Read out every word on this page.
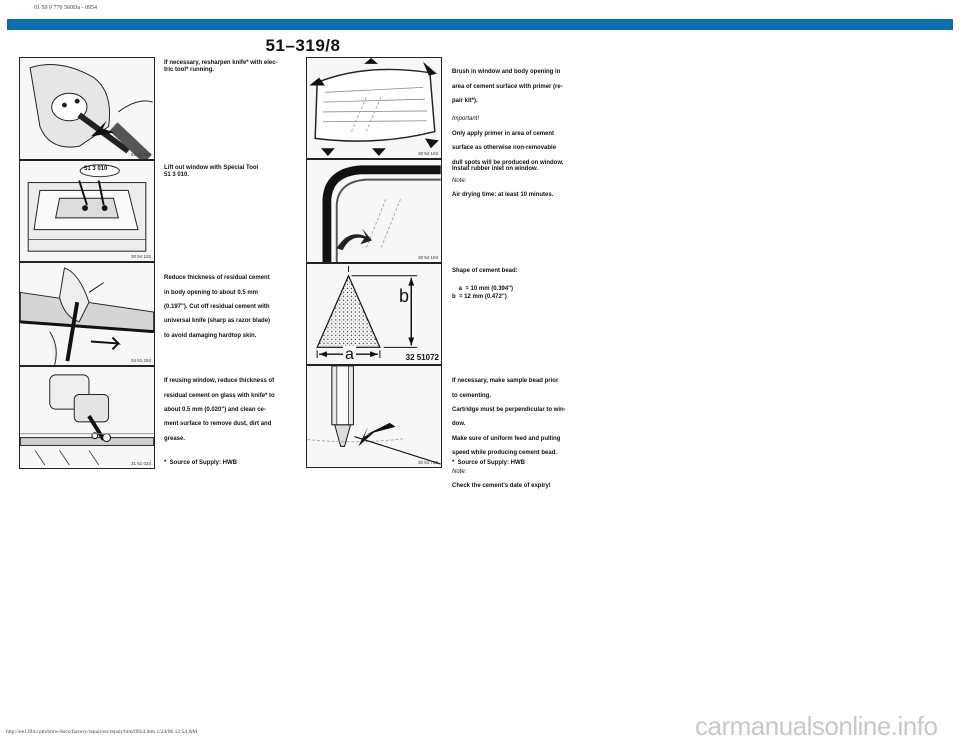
01 50 9 770 560Da - 0954
51–319/8
51 51 028
51 3 010
30 54 102
34 51 294
31 51 024
If necessary, resharpen knife* with elec-
tric tool* running.
Lift out window with Special Tool
51 3 010.

Reduce thickness of residual cement

in body opening to about 0.5 mm

(0.197"). Cut off residual cement with

universal knife (sharp as razor blade)

to avoid damaging hardtop skin.

If reusing window, reduce thickness of

residual cement on glass with knife* to

about 0.5 mm (0.020") and clean ce-

ment surface to remove dust, dirt and

grease.

*  Source of Supply: HWB
30 54 103
30 54 104
a
b
32 51072
30 51 753

Brush in window and body opening in

area of cement surface with primer (re-

pair kit*).

Important!

Only apply primer in area of cement

surface as otherwise non-removable

dull spots will be produced on window.

Note:

Air drying time: at least 10 minutes.

Install rubber inlet on window.
Shape of cement bead:

a  = 10 mm (0.394")
b  = 12 mm (0.472")

If necessary, make sample bead prior

to cementing.

Cartridge must be perpendicular to win-

dow.

Make sure of uniform feed and pulling

speed while producing cement bead.

Note:

Check the cement's date of expiry!

*  Source of Supply: HWB
http://ee1394.com/bmw/docs/factory/repair/en/repair/htm/0954.htm 1/24/06 12:54 AM	carmanualsonline.info
